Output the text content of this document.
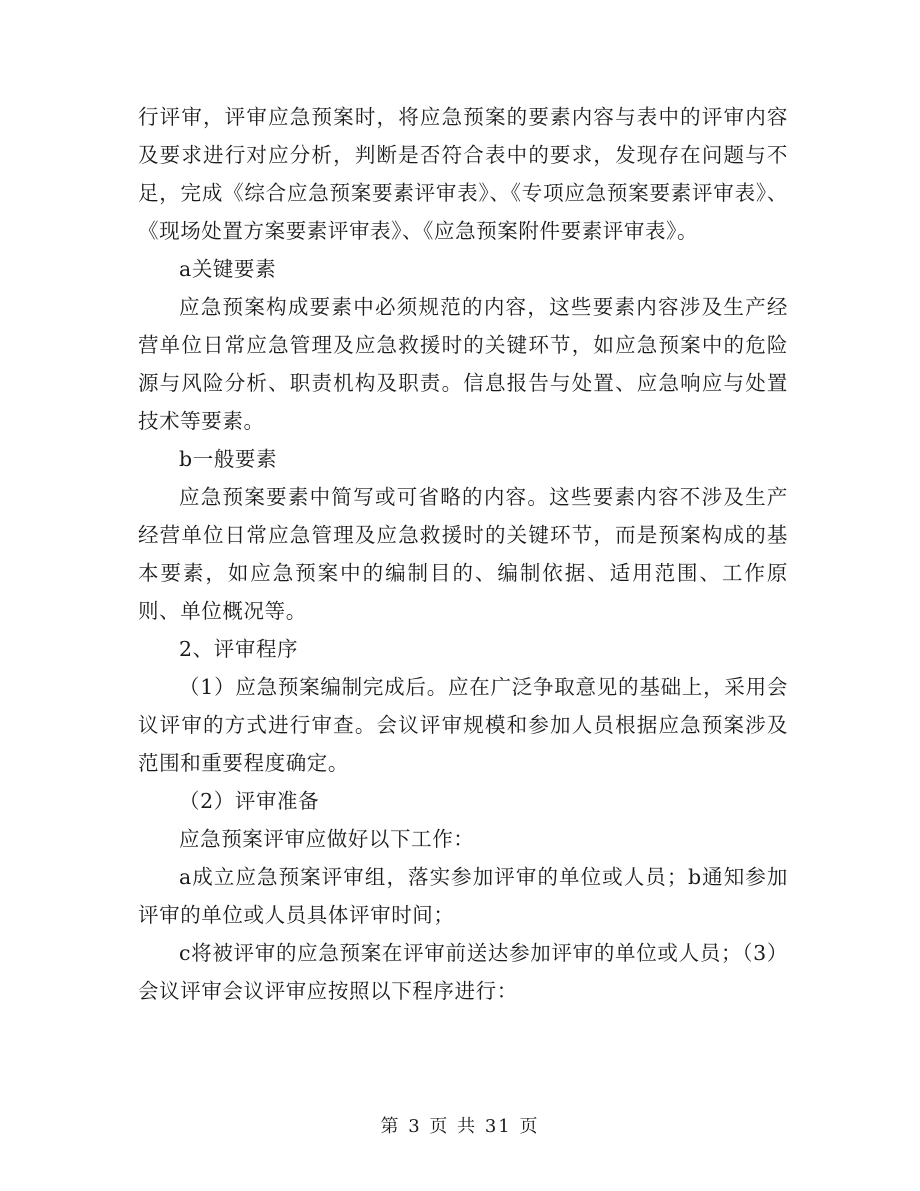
行评审，评审应急预案时，将应急预案的要素内容与表中的评审内容及要求进行对应分析，判断是否符合表中的要求，发现存在问题与不足，完成《综合应急预案要素评审表》、《专项应急预案要素评审表》、《现场处置方案要素评审表》、《应急预案附件要素评审表》。

a关键要素

应急预案构成要素中必须规范的内容，这些要素内容涉及生产经营单位日常应急管理及应急救援时的关键环节，如应急预案中的危险源与风险分析、职责机构及职责。信息报告与处置、应急响应与处置技术等要素。

b一般要素

应急预案要素中简写或可省略的内容。这些要素内容不涉及生产经营单位日常应急管理及应急救援时的关键环节，而是预案构成的基本要素，如应急预案中的编制目的、编制依据、适用范围、工作原则、单位概况等。

2、评审程序

（1）应急预案编制完成后。应在广泛争取意见的基础上，采用会议评审的方式进行审查。会议评审规模和参加人员根据应急预案涉及范围和重要程度确定。

（2）评审准备

应急预案评审应做好以下工作：

a成立应急预案评审组，落实参加评审的单位或人员；b通知参加评审的单位或人员具体评审时间；

c将被评审的应急预案在评审前送达参加评审的单位或人员；（3）会议评审会议评审应按照以下程序进行：

第 3 页 共 31 页
